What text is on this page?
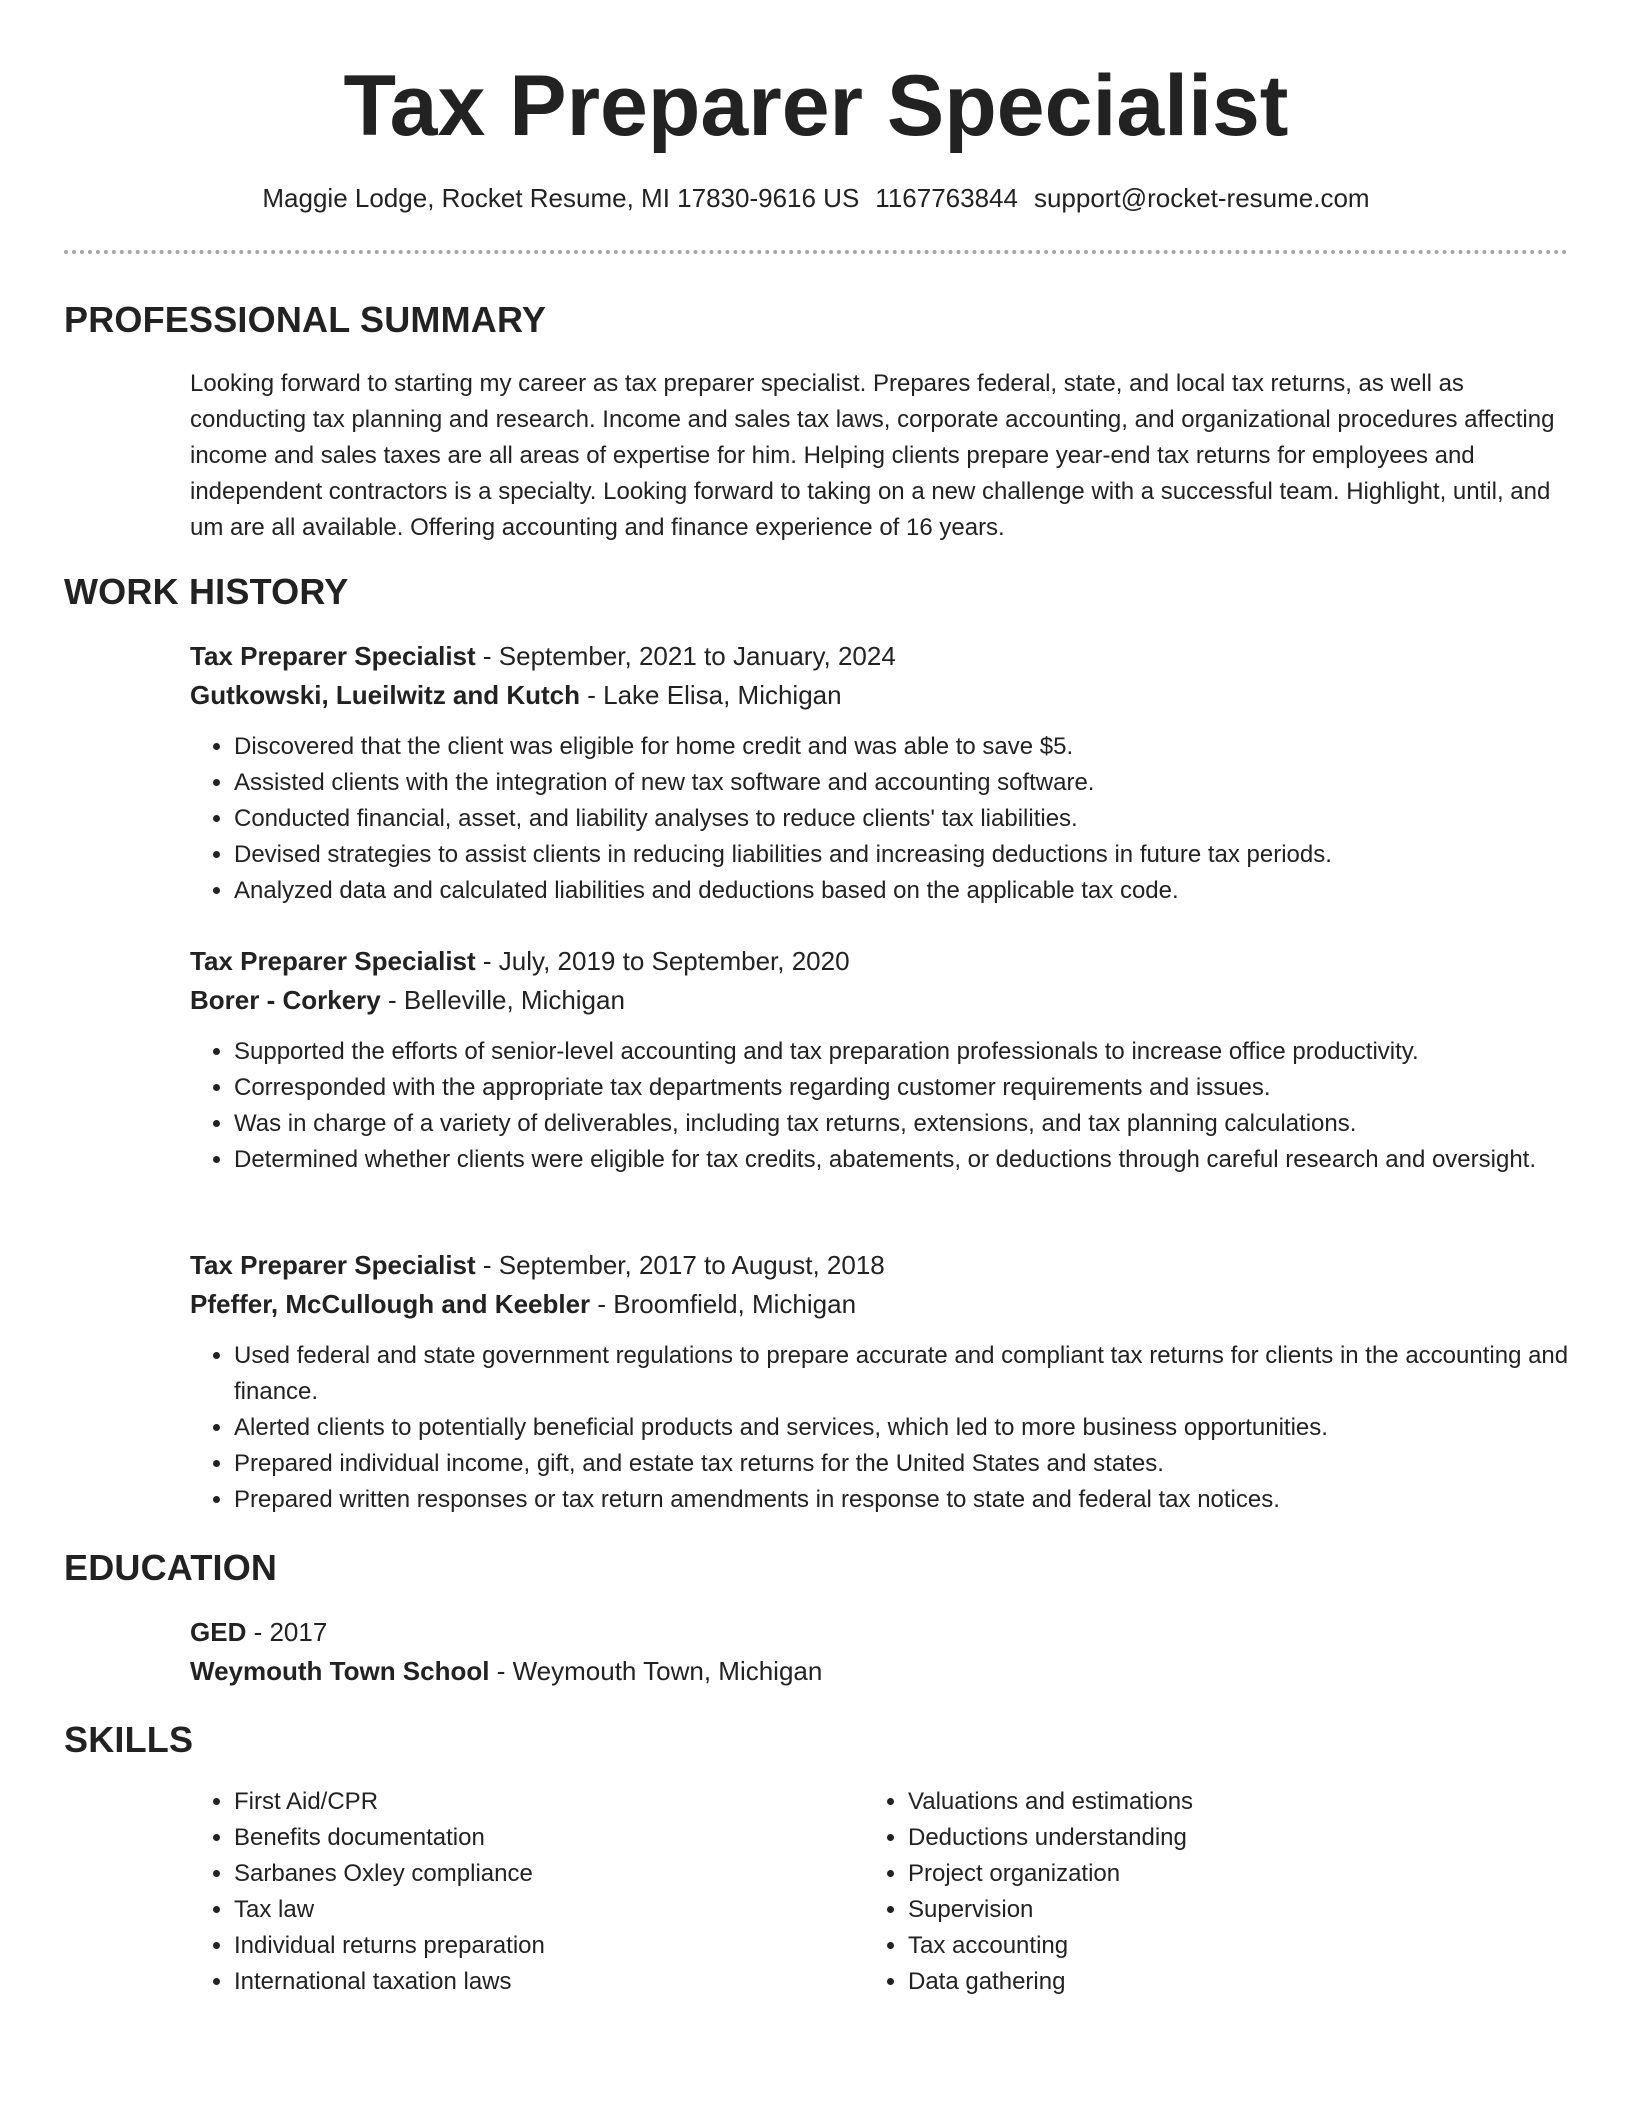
Tax Preparer Specialist
Maggie Lodge, Rocket Resume, MI 17830-9616 US 1167763844 support@rocket-resume.com
PROFESSIONAL SUMMARY
Looking forward to starting my career as tax preparer specialist. Prepares federal, state, and local tax returns, as well as conducting tax planning and research. Income and sales tax laws, corporate accounting, and organizational procedures affecting income and sales taxes are all areas of expertise for him. Helping clients prepare year-end tax returns for employees and independent contractors is a specialty. Looking forward to taking on a new challenge with a successful team. Highlight, until, and um are all available. Offering accounting and finance experience of 16 years.
WORK HISTORY
Tax Preparer Specialist - September, 2021 to January, 2024
Gutkowski, Lueilwitz and Kutch - Lake Elisa, Michigan
• Discovered that the client was eligible for home credit and was able to save $5.
• Assisted clients with the integration of new tax software and accounting software.
• Conducted financial, asset, and liability analyses to reduce clients' tax liabilities.
• Devised strategies to assist clients in reducing liabilities and increasing deductions in future tax periods.
• Analyzed data and calculated liabilities and deductions based on the applicable tax code.
Tax Preparer Specialist - July, 2019 to September, 2020
Borer - Corkery - Belleville, Michigan
• Supported the efforts of senior-level accounting and tax preparation professionals to increase office productivity.
• Corresponded with the appropriate tax departments regarding customer requirements and issues.
• Was in charge of a variety of deliverables, including tax returns, extensions, and tax planning calculations.
• Determined whether clients were eligible for tax credits, abatements, or deductions through careful research and oversight.
Tax Preparer Specialist - September, 2017 to August, 2018
Pfeffer, McCullough and Keebler - Broomfield, Michigan
• Used federal and state government regulations to prepare accurate and compliant tax returns for clients in the accounting and finance.
• Alerted clients to potentially beneficial products and services, which led to more business opportunities.
• Prepared individual income, gift, and estate tax returns for the United States and states.
• Prepared written responses or tax return amendments in response to state and federal tax notices.
EDUCATION
GED - 2017
Weymouth Town School - Weymouth Town, Michigan
SKILLS
• First Aid/CPR
• Benefits documentation
• Sarbanes Oxley compliance
• Tax law
• Individual returns preparation
• International taxation laws
• Valuations and estimations
• Deductions understanding
• Project organization
• Supervision
• Tax accounting
• Data gathering
